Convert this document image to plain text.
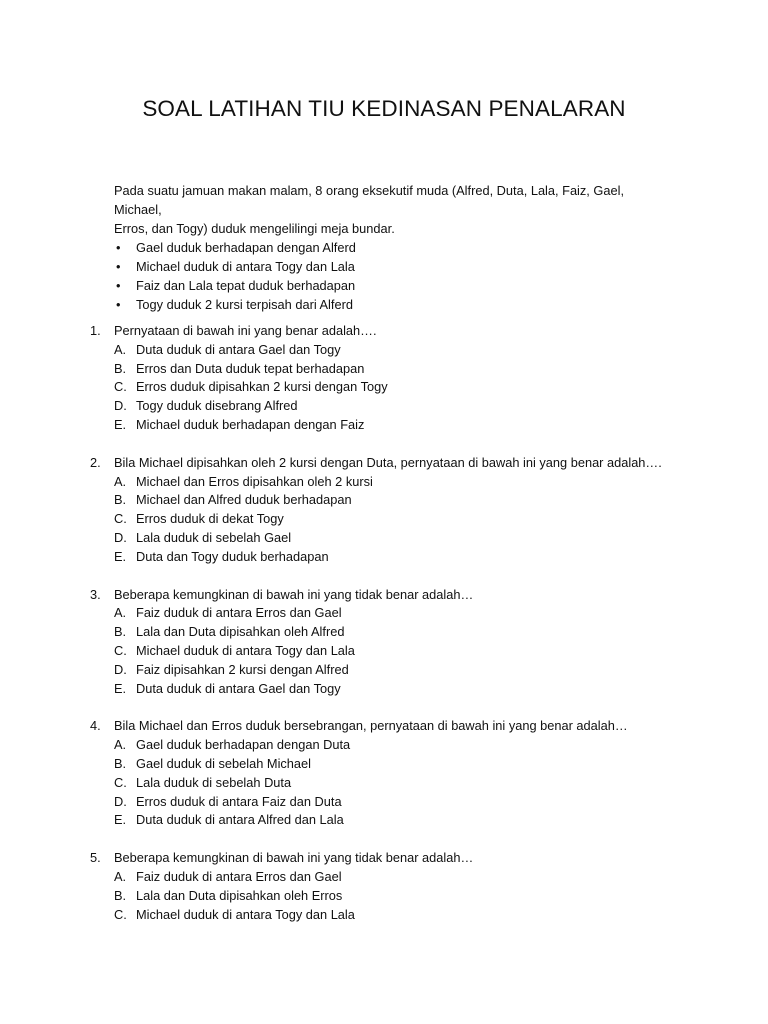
SOAL LATIHAN TIU KEDINASAN PENALARAN

Pada suatu jamuan makan malam, 8 orang eksekutif muda (Alfred, Duta, Lala, Faiz, Gael, Michael,

Erros, dan Togy) duduk mengelilingi meja bundar.

• Gael duduk berhadapan dengan Alferd
• Michael duduk di antara Togy dan Lala
• Faiz dan Lala tepat duduk berhadapan
• Togy duduk 2 kursi terpisah dari Alferd
1. Pernyataan di bawah ini yang benar adalah….
A. Duta duduk di antara Gael dan Togy
B. Erros dan Duta duduk tepat berhadapan
C. Erros duduk dipisahkan 2 kursi dengan Togy
D. Togy duduk disebrang Alfred
E. Michael duduk berhadapan dengan Faiz
2. Bila Michael dipisahkan oleh 2 kursi dengan Duta, pernyataan di bawah ini yang benar adalah….
A. Michael dan Erros dipisahkan oleh 2 kursi
B. Michael dan Alfred duduk berhadapan
C. Erros duduk di dekat Togy
D. Lala duduk di sebelah Gael
E. Duta dan Togy duduk berhadapan
3. Beberapa kemungkinan di bawah ini yang tidak benar adalah…
A. Faiz duduk di antara Erros dan Gael
B. Lala dan Duta dipisahkan oleh Alfred
C. Michael duduk di antara Togy dan Lala
D. Faiz dipisahkan 2 kursi dengan Alfred
E. Duta duduk di antara Gael dan Togy
4. Bila Michael dan Erros duduk bersebrangan, pernyataan di bawah ini yang benar adalah…
A. Gael duduk berhadapan dengan Duta
B. Gael duduk di sebelah Michael
C. Lala duduk di sebelah Duta
D. Erros duduk di antara Faiz dan Duta
E. Duta duduk di antara Alfred dan Lala
5. Beberapa kemungkinan di bawah ini yang tidak benar adalah…
A. Faiz duduk di antara Erros dan Gael
B. Lala dan Duta dipisahkan oleh Erros
C. Michael duduk di antara Togy dan Lala
